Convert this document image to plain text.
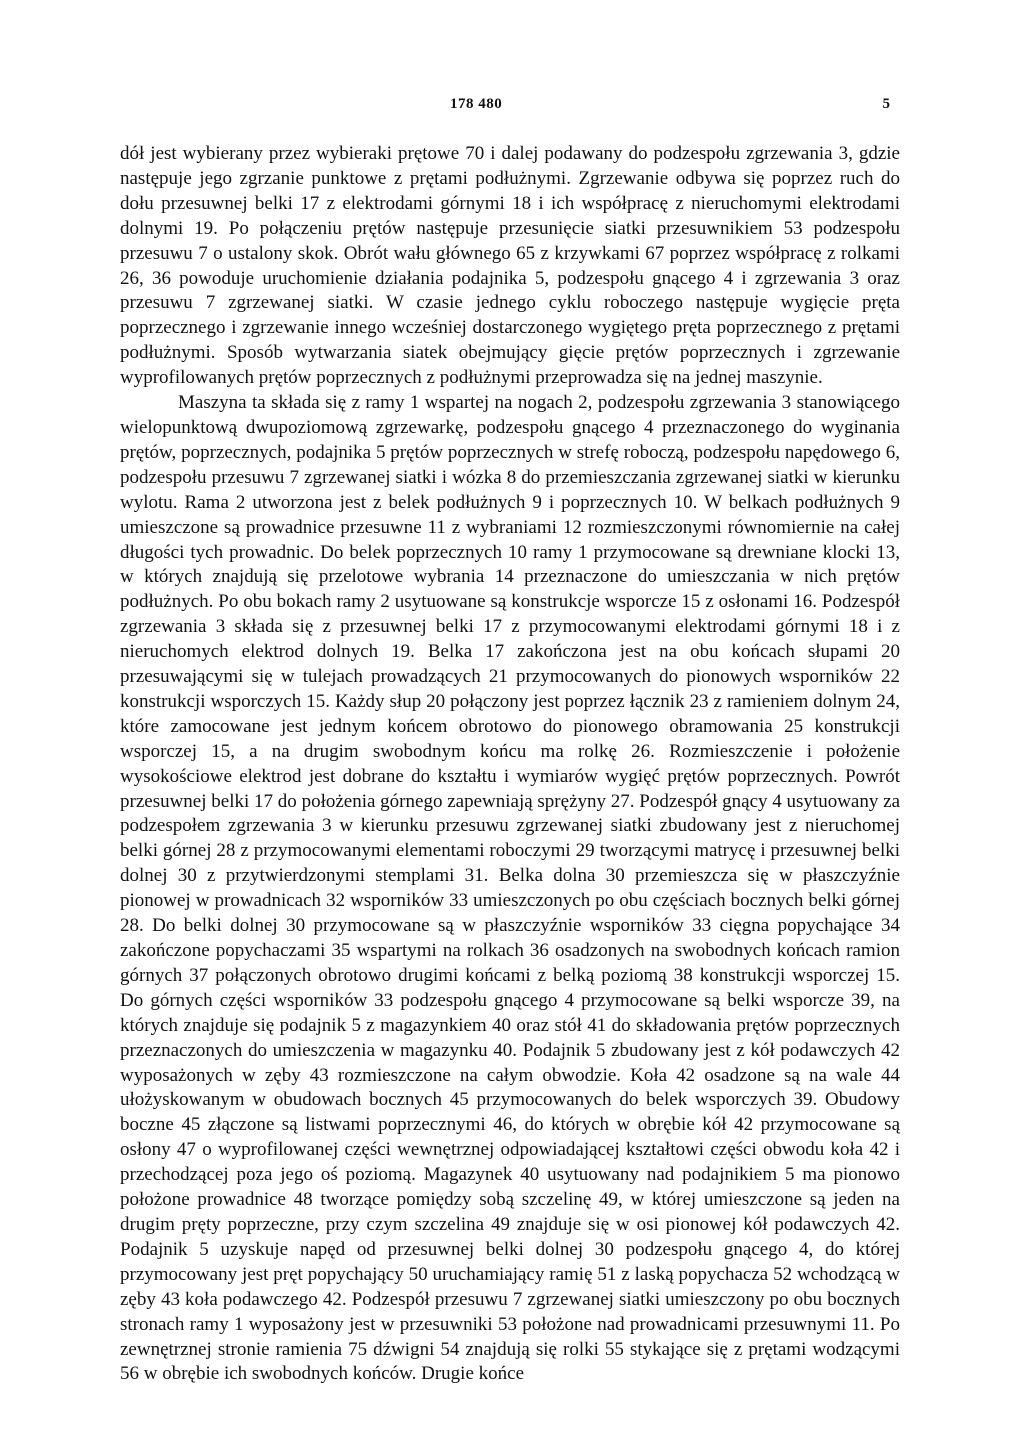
178 480	5

dół jest wybierany przez wybieraki prętowe 70 i dalej podawany do podzespołu zgrzewania 3, gdzie następuje jego zgrzanie punktowe z prętami podłużnymi. Zgrzewanie odbywa się poprzez ruch do dołu przesuwnej belki 17 z elektrodami górnymi 18 i ich współpracę z nieruchomymi elektrodami dolnymi 19. Po połączeniu prętów następuje przesunięcie siatki przesuwnikiem 53 podzespołu przesuwu 7 o ustalony skok. Obrót wału głównego 65 z krzywkami 67 poprzez współpracę z rolkami 26, 36 powoduje uruchomienie działania podajnika 5, podzespołu gnącego 4 i zgrzewania 3 oraz przesuwu 7 zgrzewanej siatki. W czasie jednego cyklu roboczego następuje wygięcie pręta poprzecznego i zgrzewanie innego wcześniej dostarczonego wygiętego pręta poprzecznego z prętami podłużnymi. Sposób wytwarzania siatek obejmujący gięcie prętów poprzecznych i zgrzewanie wyprofilowanych prętów poprzecznych z podłużnymi przeprowadza się na jednej maszynie.

Maszyna ta składa się z ramy 1 wspartej na nogach 2, podzespołu zgrzewania 3 stanowiącego wielopunktową dwupoziomową zgrzewarkę, podzespołu gnącego 4 przeznaczonego do wyginania prętów, poprzecznych, podajnika 5 prętów poprzecznych w strefę roboczą, podzespołu napędowego 6, podzespołu przesuwu 7 zgrzewanej siatki i wózka 8 do przemieszczania zgrzewanej siatki w kierunku wylotu. Rama 2 utworzona jest z belek podłużnych 9 i poprzecznych 10. W belkach podłużnych 9 umieszczone są prowadnice przesuwne 11 z wybraniami 12 rozmieszczonymi równomiernie na całej długości tych prowadnic. Do belek poprzecznych 10 ramy 1 przymocowane są drewniane klocki 13, w których znajdują się przelotowe wybrania 14 przeznaczone do umieszczania w nich prętów podłużnych. Po obu bokach ramy 2 usytuowane są konstrukcje wsporcze 15 z osłonami 16. Podzespół zgrzewania 3 składa się z przesuwnej belki 17 z przymocowanymi elektrodami górnymi 18 i z nieruchomych elektrod dolnych 19. Belka 17 zakończona jest na obu końcach słupami 20 przesuwającymi się w tulejach prowadzących 21 przymocowanych do pionowych wsporników 22 konstrukcji wsporczych 15. Każdy słup 20 połączony jest poprzez łącznik 23 z ramieniem dolnym 24, które zamocowane jest jednym końcem obrotowo do pionowego obramowania 25 konstrukcji wsporczej 15, a na drugim swobodnym końcu ma rolkę 26. Rozmieszczenie i położenie wysokościowe elektrod jest dobrane do kształtu i wymiarów wygięć prętów poprzecznych. Powrót przesuwnej belki 17 do położenia górnego zapewniają sprężyny 27. Podzespół gnący 4 usytuowany za podzespołem zgrzewania 3 w kierunku przesuwu zgrzewanej siatki zbudowany jest z nieruchomej belki górnej 28 z przymocowanymi elementami roboczymi 29 tworzącymi matrycę i przesuwnej belki dolnej 30 z przytwierdzonymi stemplami 31. Belka dolna 30 przemieszcza się w płaszczyźnie pionowej w prowadnicach 32 wsporników 33 umieszczonych po obu częściach bocznych belki górnej 28. Do belki dolnej 30 przymocowane są w płaszczyźnie wsporników 33 cięgna popychające 34 zakończone popychaczami 35 wspartymi na rolkach 36 osadzonych na swobodnych końcach ramion górnych 37 połączonych obrotowo drugimi końcami z belką poziomą 38 konstrukcji wsporczej 15. Do górnych części wsporników 33 podzespołu gnącego 4 przymocowane są belki wsporcze 39, na których znajduje się podajnik 5 z magazynkiem 40 oraz stół 41 do składowania prętów poprzecznych przeznaczonych do umieszczenia w magazynku 40. Podajnik 5 zbudowany jest z kół podawczych 42 wyposażonych w zęby 43 rozmieszczone na całym obwodzie. Koła 42 osadzone są na wale 44 ułożyskowanym w obudowach bocznych 45 przymocowanych do belek wsporczych 39. Obudowy boczne 45 złączone są listwami poprzecznymi 46, do których w obrębie kół 42 przymocowane są osłony 47 o wyprofilowanej części wewnętrznej odpowiadającej kształtowi części obwodu koła 42 i przechodzącej poza jego oś poziomą. Magazynek 40 usytuowany nad podajnikiem 5 ma pionowo położone prowadnice 48 tworzące pomiędzy sobą szczelinę 49, w której umieszczone są jeden na drugim pręty poprzeczne, przy czym szczelina 49 znajduje się w osi pionowej kół podawczych 42. Podajnik 5 uzyskuje napęd od przesuwnej belki dolnej 30 podzespołu gnącego 4, do której przymocowany jest pręt popychający 50 uruchamiający ramię 51 z laską popychacza 52 wchodzącą w zęby 43 koła podawczego 42. Podzespół przesuwu 7 zgrzewanej siatki umieszczony po obu bocznych stronach ramy 1 wyposażony jest w przesuwniki 53 położone nad prowadnicami przesuwnymi 11. Po zewnętrznej stronie ramienia 75 dźwigni 54 znajdują się rolki 55 stykające się z prętami wodzącymi 56 w obrębie ich swobodnych końców. Drugie końce
